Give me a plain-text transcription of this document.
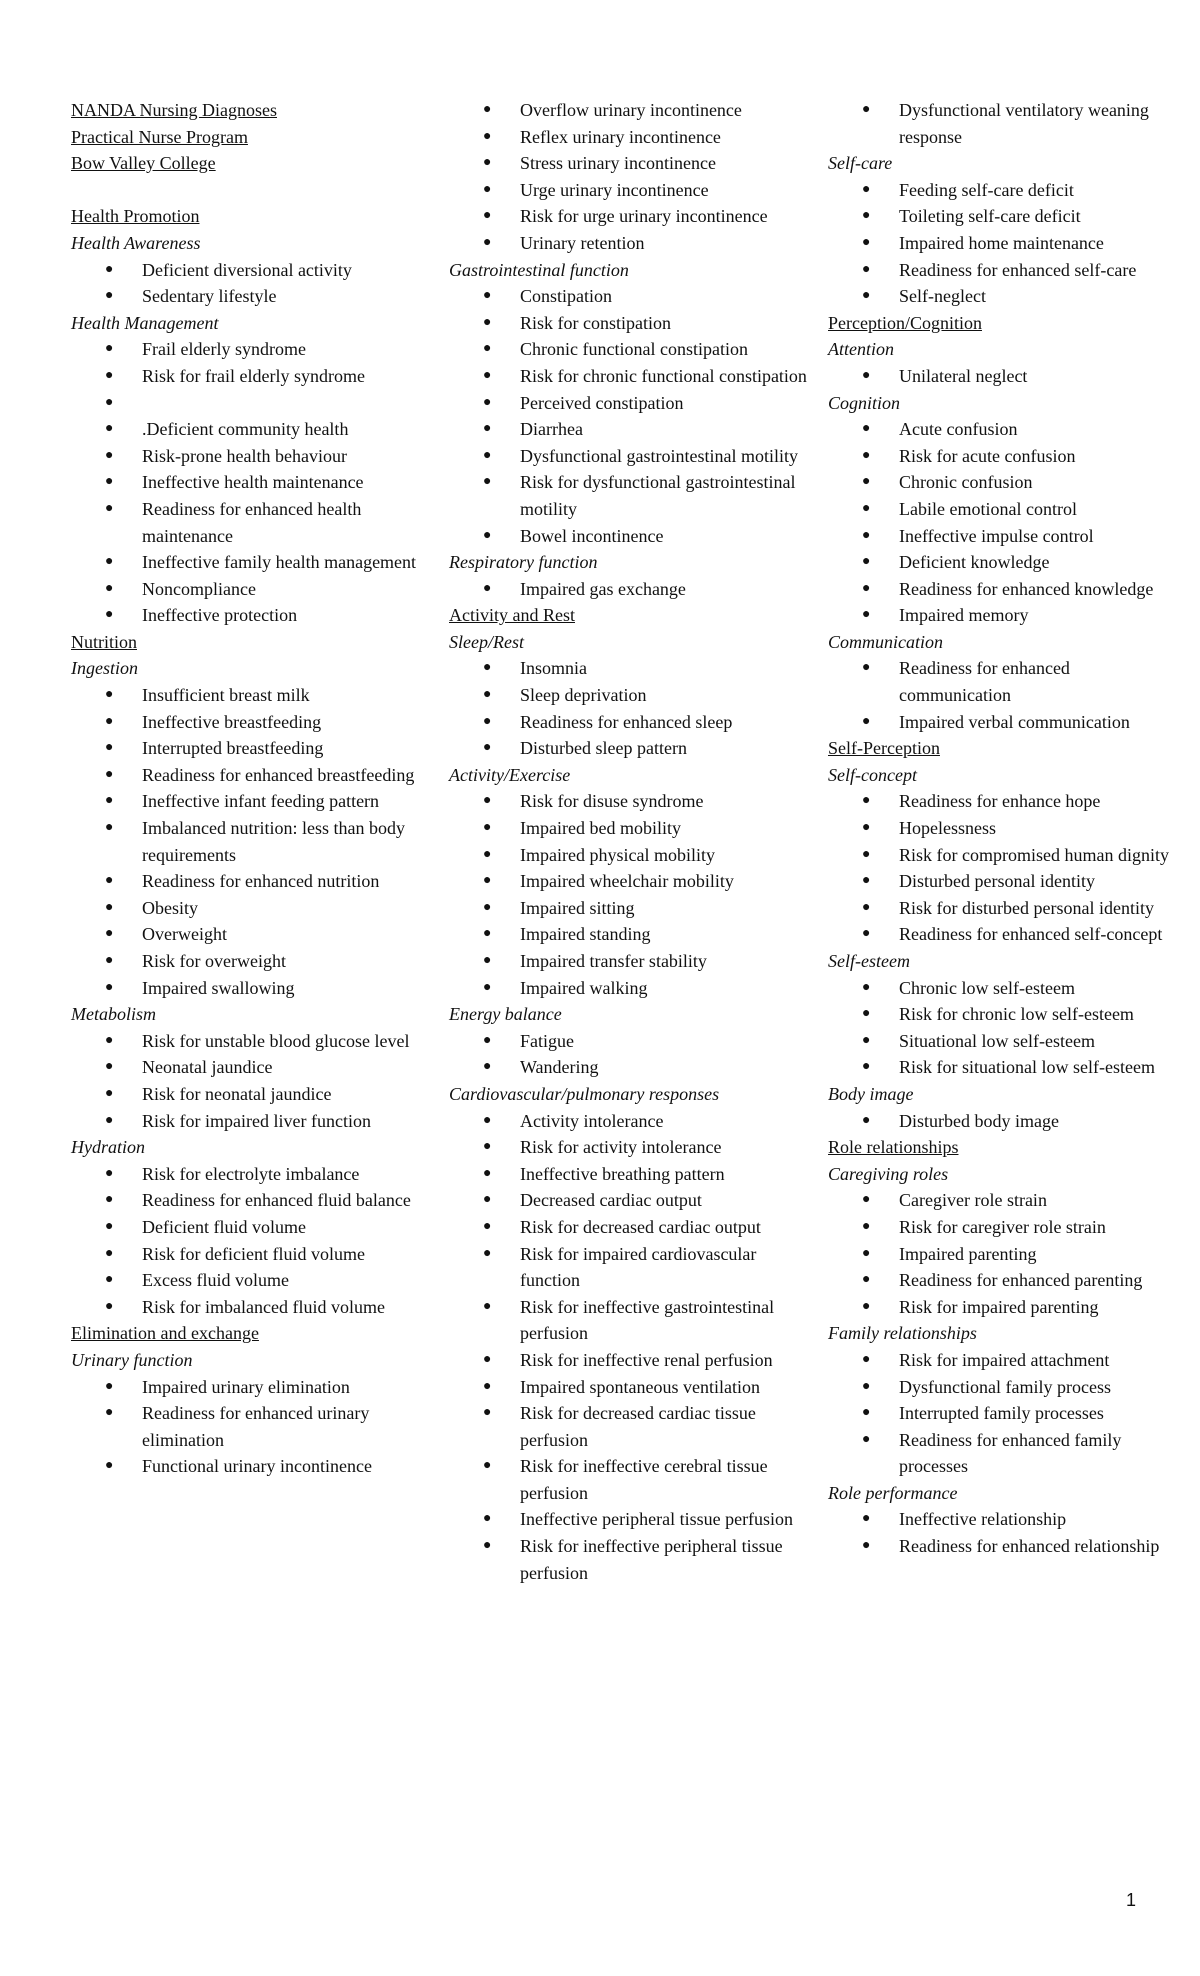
NANDA Nursing Diagnoses
Practical Nurse Program
Bow Valley College
Health Promotion
Health Awareness
● Deficient diversional activity
● Sedentary lifestyle
Health Management
● Frail elderly syndrome
● Risk for frail elderly syndrome
●
● .Deficient community health
● Risk-prone health behaviour
● Ineffective health maintenance
● Readiness for enhanced health maintenance
● Ineffective family health management
● Noncompliance
● Ineffective protection
Nutrition
Ingestion
● Insufficient breast milk
● Ineffective breastfeeding
● Interrupted breastfeeding
● Readiness for enhanced breastfeeding
● Ineffective infant feeding pattern
● Imbalanced nutrition: less than body requirements
● Readiness for enhanced nutrition
● Obesity
● Overweight
● Risk for overweight
● Impaired swallowing
Metabolism
● Risk for unstable blood glucose level
● Neonatal jaundice
● Risk for neonatal jaundice
● Risk for impaired liver function
Hydration
● Risk for electrolyte imbalance
● Readiness for enhanced fluid balance
● Deficient fluid volume
● Risk for deficient fluid volume
● Excess fluid volume
● Risk for imbalanced fluid volume
Elimination and exchange
Urinary function
● Impaired urinary elimination
● Readiness for enhanced urinary elimination
● Functional urinary incontinence
● Overflow urinary incontinence
● Reflex urinary incontinence
● Stress urinary incontinence
● Urge urinary incontinence
● Risk for urge urinary incontinence
● Urinary retention
Gastrointestinal function
● Constipation
● Risk for constipation
● Chronic functional constipation
● Risk for chronic functional constipation
● Perceived constipation
● Diarrhea
● Dysfunctional gastrointestinal motility
● Risk for dysfunctional gastrointestinal motility
● Bowel incontinence
Respiratory function
● Impaired gas exchange
Activity and Rest
Sleep/Rest
● Insomnia
● Sleep deprivation
● Readiness for enhanced sleep
● Disturbed sleep pattern
Activity/Exercise
● Risk for disuse syndrome
● Impaired bed mobility
● Impaired physical mobility
● Impaired wheelchair mobility
● Impaired sitting
● Impaired standing
● Impaired transfer stability
● Impaired walking
Energy balance
● Fatigue
● Wandering
Cardiovascular/pulmonary responses
● Activity intolerance
● Risk for activity intolerance
● Ineffective breathing pattern
● Decreased cardiac output
● Risk for decreased cardiac output
● Risk for impaired cardiovascular function
● Risk for ineffective gastrointestinal perfusion
● Risk for ineffective renal perfusion
● Impaired spontaneous ventilation
● Risk for decreased cardiac tissue perfusion
● Risk for ineffective cerebral tissue perfusion
● Ineffective peripheral tissue perfusion
● Risk for ineffective peripheral tissue perfusion
● Dysfunctional ventilatory weaning response
Self-care
● Feeding self-care deficit
● Toileting self-care deficit
● Impaired home maintenance
● Readiness for enhanced self-care
● Self-neglect
Perception/Cognition
Attention
● Unilateral neglect
Cognition
● Acute confusion
● Risk for acute confusion
● Chronic confusion
● Labile emotional control
● Ineffective impulse control
● Deficient knowledge
● Readiness for enhanced knowledge
● Impaired memory
Communication
● Readiness for enhanced communication
● Impaired verbal communication
Self-Perception
Self-concept
● Readiness for enhance hope
● Hopelessness
● Risk for compromised human dignity
● Disturbed personal identity
● Risk for disturbed personal identity
● Readiness for enhanced self-concept
Self-esteem
● Chronic low self-esteem
● Risk for chronic low self-esteem
● Situational low self-esteem
● Risk for situational low self-esteem
Body image
● Disturbed body image
Role relationships
Caregiving roles
● Caregiver role strain
● Risk for caregiver role strain
● Impaired parenting
● Readiness for enhanced parenting
● Risk for impaired parenting
Family relationships
● Risk for impaired attachment
● Dysfunctional family process
● Interrupted family processes
● Readiness for enhanced family processes
Role performance
● Ineffective relationship
● Readiness for enhanced relationship
1
